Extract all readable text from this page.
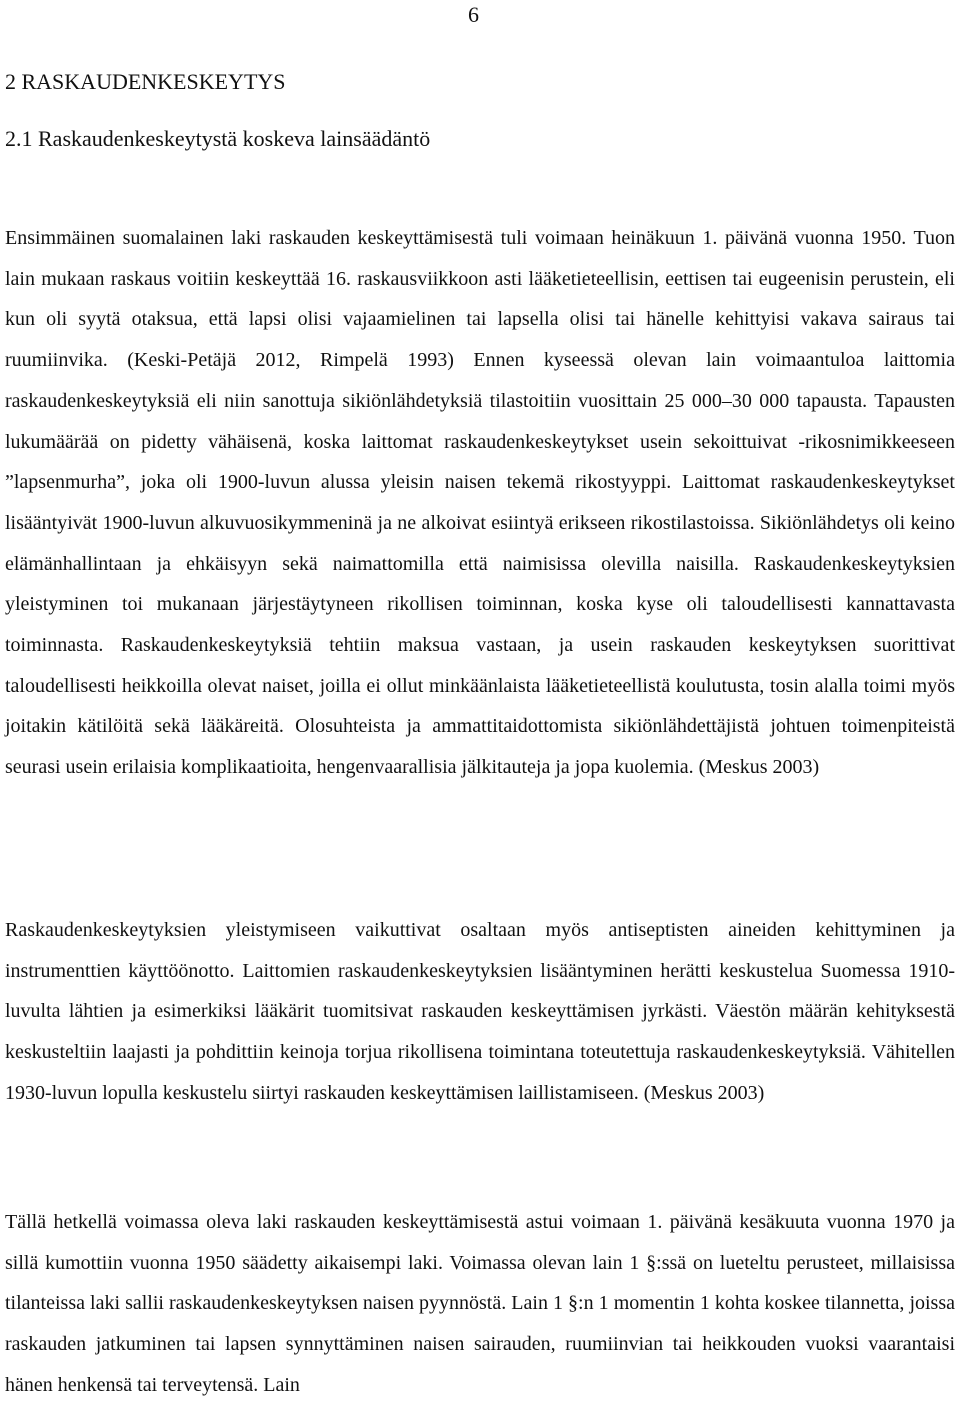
6
2 RASKAUDENKESKEYTYS
2.1 Raskaudenkeskeytystä koskeva lainsäädäntö

Ensimmäinen suomalainen laki raskauden keskeyttämisestä tuli voimaan heinäkuun 1. päivänä vuonna 1950. Tuon lain mukaan raskaus voitiin keskeyttää 16. raskausviikkoon asti lääketieteellisin, eettisen tai eugeenisin perustein, eli kun oli syytä otaksua, että lapsi olisi vajaamielinen tai lapsella olisi tai hänelle kehittyisi vakava sairaus tai ruumiinvika. (Keski-Petäjä 2012, Rimpelä 1993) Ennen kyseessä olevan lain voimaantuloa laittomia raskaudenkeskeytyksiä eli niin sanottuja sikiönlähdetyksiä tilastoitiin vuosittain 25 000–30 000 tapausta. Tapausten lukumäärää on pidetty vähäisenä, koska laittomat raskaudenkeskeytykset usein sekoittuivat -rikosnimikkeeseen ”lapsenmurha”, joka oli 1900-luvun alussa yleisin naisen tekemä rikostyyppi. Laittomat raskaudenkeskeytykset lisääntyivät 1900-luvun alkuvuosikymmeninä ja ne alkoivat esiintyä erikseen rikostilastoissa. Sikiönlähdetys oli keino elämänhallintaan ja ehkäisyyn sekä naimattomilla että naimisissa olevilla naisilla. Raskaudenkeskeytyksien yleistyminen toi mukanaan järjestäytyneen rikollisen toiminnan, koska kyse oli taloudellisesti kannattavasta toiminnasta. Raskaudenkeskeytyksiä tehtiin maksua vastaan, ja usein raskauden keskeytyksen suorittivat taloudellisesti heikkoilla olevat naiset, joilla ei ollut minkäänlaista lääketieteellistä koulutusta, tosin alalla toimi myös joitakin kätilöitä sekä lääkäreitä. Olosuhteista ja ammattitaidottomista sikiönlähdettäjistä johtuen toimenpiteistä seurasi usein erilaisia komplikaatioita, hengenvaarallisia jälkitauteja ja jopa kuolemia. (Meskus 2003)

Raskaudenkeskeytyksien yleistymiseen vaikuttivat osaltaan myös antiseptisten aineiden kehittyminen ja instrumenttien käyttöönotto. Laittomien raskaudenkeskeytyksien lisääntyminen herätti keskustelua Suomessa 1910-luvulta lähtien ja esimerkiksi lääkärit tuomitsivat raskauden keskeyttämisen jyrkästi. Väestön määrän kehityksestä keskusteltiin laajasti ja pohdittiin keinoja torjua rikollisena toimintana toteutettuja raskaudenkeskeytyksiä. Vähitellen 1930-luvun lopulla keskustelu siirtyi raskauden keskeyttämisen laillistamiseen. (Meskus 2003)

Tällä hetkellä voimassa oleva laki raskauden keskeyttämisestä astui voimaan 1. päivänä kesäkuuta vuonna 1970 ja sillä kumottiin vuonna 1950 säädetty aikaisempi laki. Voimassa olevan lain 1 §:ssä on lueteltu perusteet, millaisissa tilanteissa laki sallii raskaudenkeskeytyksen naisen pyynnöstä. Lain 1 §:n 1 momentin 1 kohta koskee tilannetta, joissa raskauden jatkuminen tai lapsen synnyttäminen naisen sairauden, ruumiinvian tai heikkouden vuoksi vaarantaisi hänen henkensä tai terveytensä. Lain
